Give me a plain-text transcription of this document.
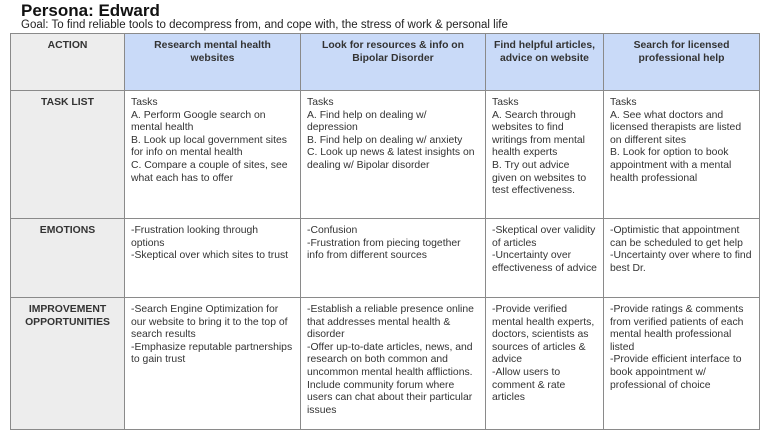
Persona: Edward
Goal: To find reliable tools to decompress from, and cope with, the stress of work & personal life
ACTION	Research mental health websites	Look for resources & info on Bipolar Disorder	Find helpful articles, advice on website	Search for licensed professional help
TASK LIST	Tasks
A. Perform Google search on mental health
B. Look up local government sites for info on mental health
C. Compare a couple of sites, see what each has to offer	Tasks
A. Find help on dealing w/ depression
B. Find help on dealing w/ anxiety
C. Look up news & latest insights on dealing w/ Bipolar disorder	Tasks
A. Search through websites to find writings from mental health experts
B. Try out advice given on websites to test effectiveness.	Tasks
A. See what doctors and licensed therapists are listed on different sites
B. Look for option to book appointment with a mental health professional

EMOTIONS	-Frustration looking through options
-Skeptical over which sites to trust	-Confusion
-Frustration from piecing together info from different sources	-Skeptical over validity of articles
-Uncertainty over effectiveness of advice	-Optimistic that appointment can be scheduled to get help
-Uncertainty over where to find best Dr.

IMPROVEMENT OPPORTUNITIES	-Search Engine Optimization for our website to bring it to the top of search results
-Emphasize reputable partnerships to gain trust	-Establish a reliable presence online that addresses mental health & disorder
-Offer up-to-date articles, news, and research on both common and uncommon mental health afflictions. Include community forum where users can chat about their particular issues	-Provide verified mental health experts, doctors, scientists as sources of articles & advice
-Allow users to comment & rate articles	-Provide ratings & comments from verified patients of each mental health professional listed
-Provide efficient interface to book appointment w/ professional of choice
